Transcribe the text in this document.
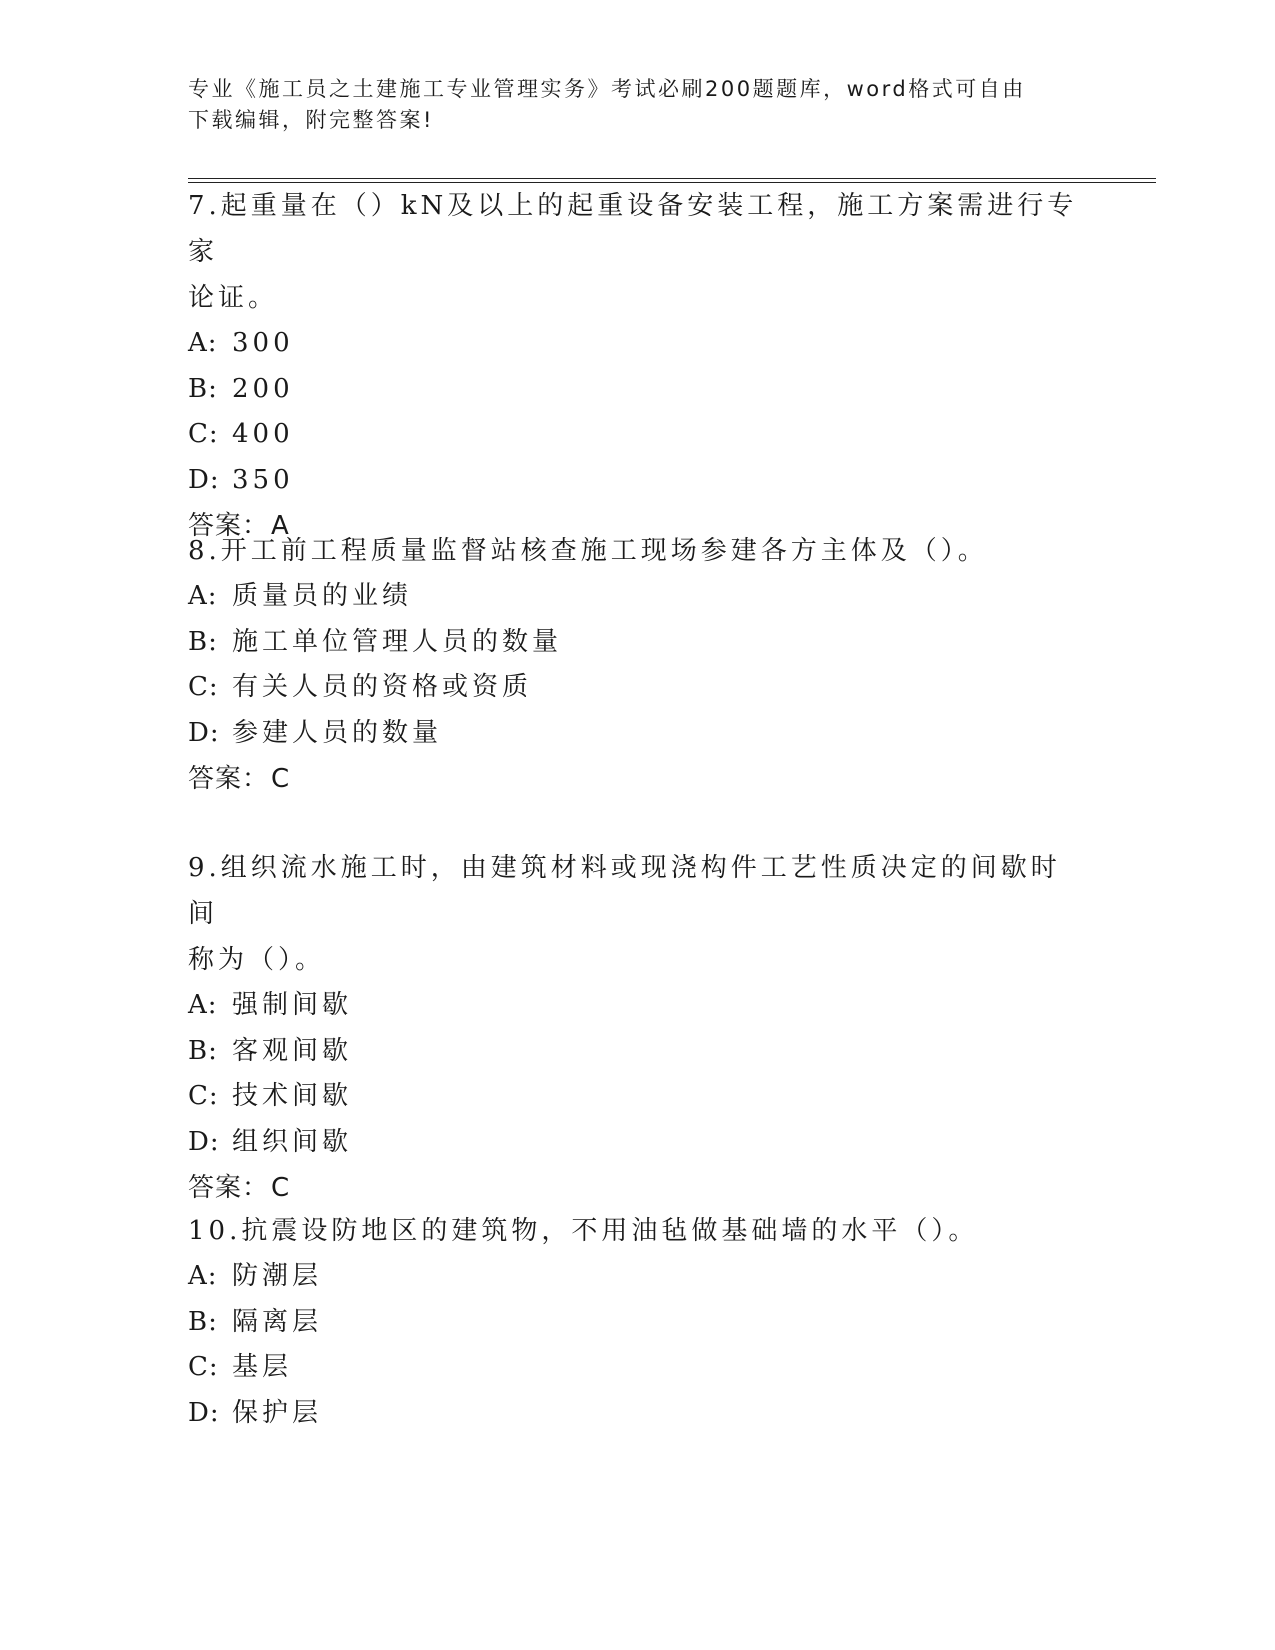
专业《施工员之土建施工专业管理实务》考试必刷200题题库，word格式可自由
下载编辑，附完整答案!

7.起重量在（）kN及以上的起重设备安装工程，施工方案需进行专家

论证。

A: 300
B: 200
C: 400
D: 350
答案：A

8.开工前工程质量监督站核查施工现场参建各方主体及（）。

A: 质量员的业绩
B: 施工单位管理人员的数量
C: 有关人员的资格或资质
D: 参建人员的数量
答案：C

9.组织流水施工时，由建筑材料或现浇构件工艺性质决定的间歇时间

称为（）。

A: 强制间歇
B: 客观间歇
C: 技术间歇
D: 组织间歇
答案：C

10.抗震设防地区的建筑物，不用油毡做基础墙的水平（）。

A: 防潮层
B: 隔离层
C: 基层
D: 保护层
